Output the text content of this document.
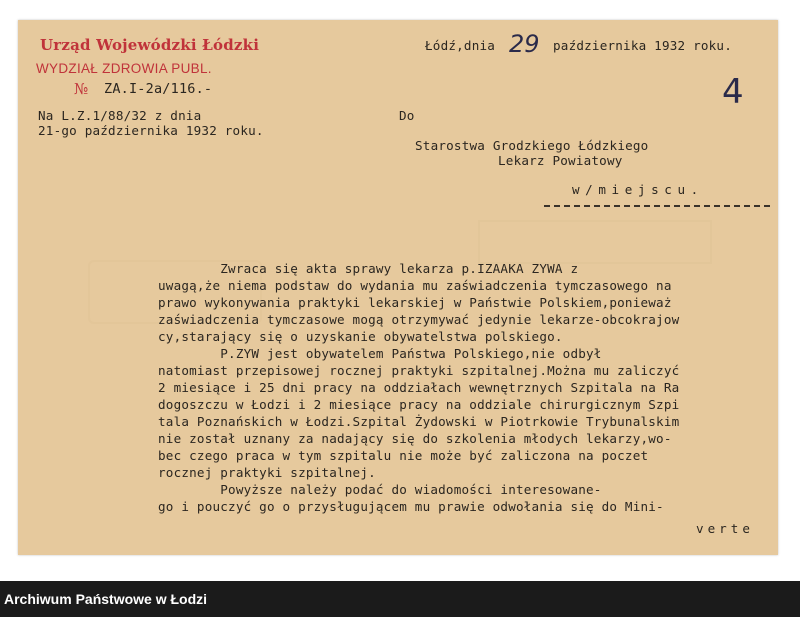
Urząd Wojewódzki Łódzki
WYDZIAŁ ZDROWIA PUBL.
№ ZA.I-2a/116.-
Łódź,dnia 29 października 1932 roku.
4
Na L.Z.1/88/32 z dnia
21-go października 1932 roku.
Do
Starostwa Grodzkiego Łódzkiego
Lekarz Powiatowy
w/miejscu.
Zwraca się akta sprawy lekarza p.IZAAKA ZYWA z
uwagą,że niema podstaw do wydania mu zaświadczenia tymczasowego na
prawo wykonywania praktyki lekarskiej w Państwie Polskiem,ponieważ
zaświadczenia tymczasowe mogą otrzymywać jedynie lekarze-obcokrajow
cy,starający się o uzyskanie obywatelstwa polskiego.
P.ZYW jest obywatelem Państwa Polskiego,nie odbył
natomiast przepisowej rocznej praktyki szpitalnej.Można mu zaliczyć
2 miesiące i 25 dni pracy na oddziałach wewnętrznych Szpitala na Ra
dogoszczu w Łodzi i 2 miesiące pracy na oddziale chirurgicznym Szpi
tala Poznańskich w Łodzi.Szpital Żydowski w Piotrkowie Trybunalskim
nie został uznany za nadający się do szkolenia młodych lekarzy,wo-
bec czego praca w tym szpitalu nie może być zaliczona na poczet
rocznej praktyki szpitalnej.
Powyższe należy podać do wiadomości interesowane-
go i pouczyć go o przysługującem mu prawie odwołania się do Mini-
verte
Archiwum Państwowe w Łodzi
